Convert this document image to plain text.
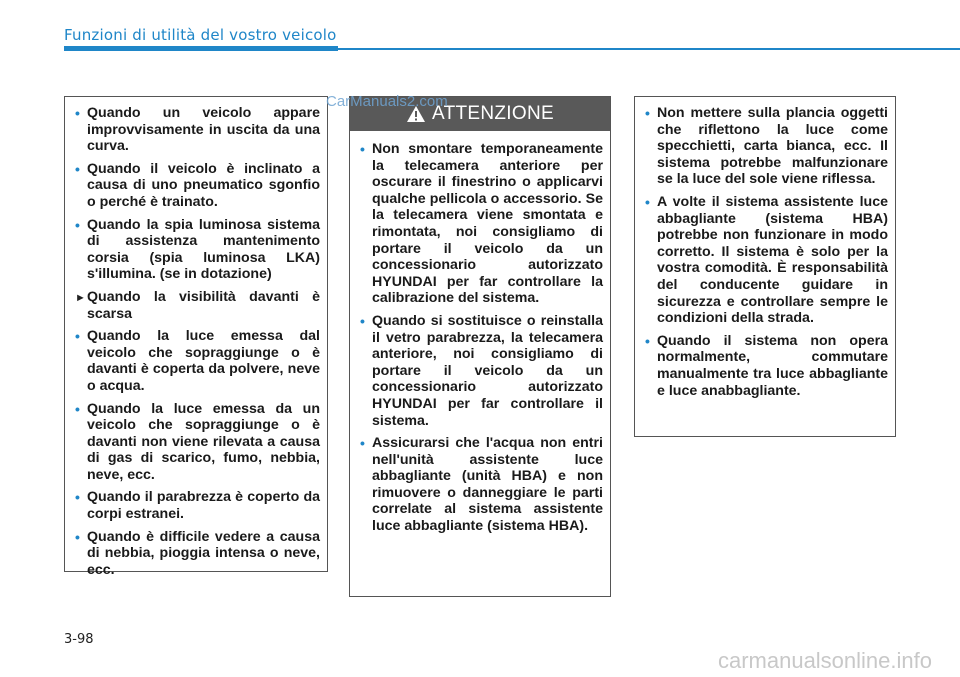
Funzioni di utilità del vostro veicolo
• Quando un veicolo appare improvvisamente in uscita da una curva.
• Quando il veicolo è inclinato a causa di uno pneumatico sgonfio o perché è trainato.
• Quando la spia luminosa sistema di assistenza mantenimento corsia (spia luminosa LKA) s'illumina. (se in dotazione)
► Quando la visibilità davanti è scarsa
• Quando la luce emessa dal veicolo che sopraggiunge o è davanti è coperta da polvere, neve o acqua.
• Quando la luce emessa da un veicolo che sopraggiunge o è davanti non viene rilevata a causa di gas di scarico, fumo, nebbia, neve, ecc.
• Quando il parabrezza è coperto da corpi estranei.
• Quando è difficile vedere a causa di nebbia, pioggia intensa o neve, ecc.
ATTENZIONE
• Non smontare temporaneamente la telecamera anteriore per oscurare il finestrino o applicarvi qualche pellicola o accessorio. Se la telecamera viene smontata e rimontata, noi consigliamo di portare il veicolo da un concessionario autorizzato HYUNDAI per far controllare la calibrazione del sistema.
• Quando si sostituisce o reinstalla il vetro parabrezza, la telecamera anteriore, noi consigliamo di portare il veicolo da un concessionario autorizzato HYUNDAI per far controllare il sistema.
• Assicurarsi che l'acqua non entri nell'unità assistente luce abbagliante (unità HBA) e non rimuovere o danneggiare le parti correlate al sistema assistente luce abbagliante (sistema HBA).
• Non mettere sulla plancia oggetti che riflettono la luce come specchietti, carta bianca, ecc. Il sistema potrebbe malfunzionare se la luce del sole viene riflessa.
• A volte il sistema assistente luce abbagliante (sistema HBA) potrebbe non funzionare in modo corretto. Il sistema è solo per la vostra comodità. È responsabilità del conducente guidare in sicurezza e controllare sempre le condizioni della strada.
• Quando il sistema non opera normalmente, commutare manualmente tra luce abbagliante e luce anabbagliante.
CarManuals2.com
3-98
carmanualsonline.info
